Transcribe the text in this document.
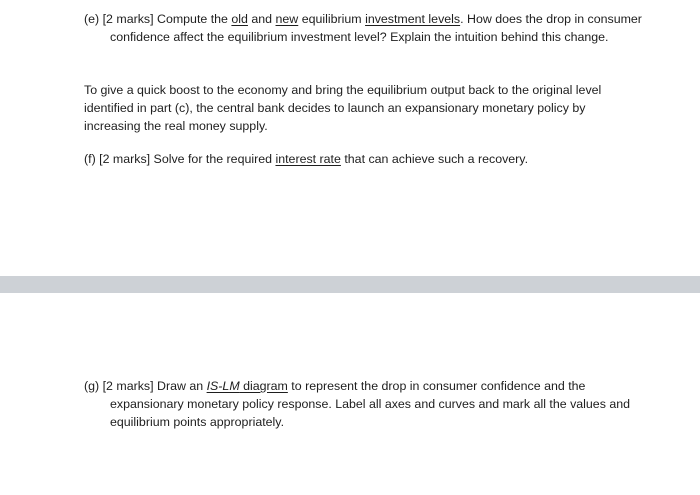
(e) [2 marks] Compute the old and new equilibrium investment levels. How does the drop in consumer confidence affect the equilibrium investment level? Explain the intuition behind this change.

To give a quick boost to the economy and bring the equilibrium output back to the original level identified in part (c), the central bank decides to launch an expansionary monetary policy by increasing the real money supply.

(f) [2 marks] Solve for the required interest rate that can achieve such a recovery.

(g) [2 marks] Draw an IS-LM diagram to represent the drop in consumer confidence and the expansionary monetary policy response. Label all axes and curves and mark all the values and equilibrium points appropriately.
